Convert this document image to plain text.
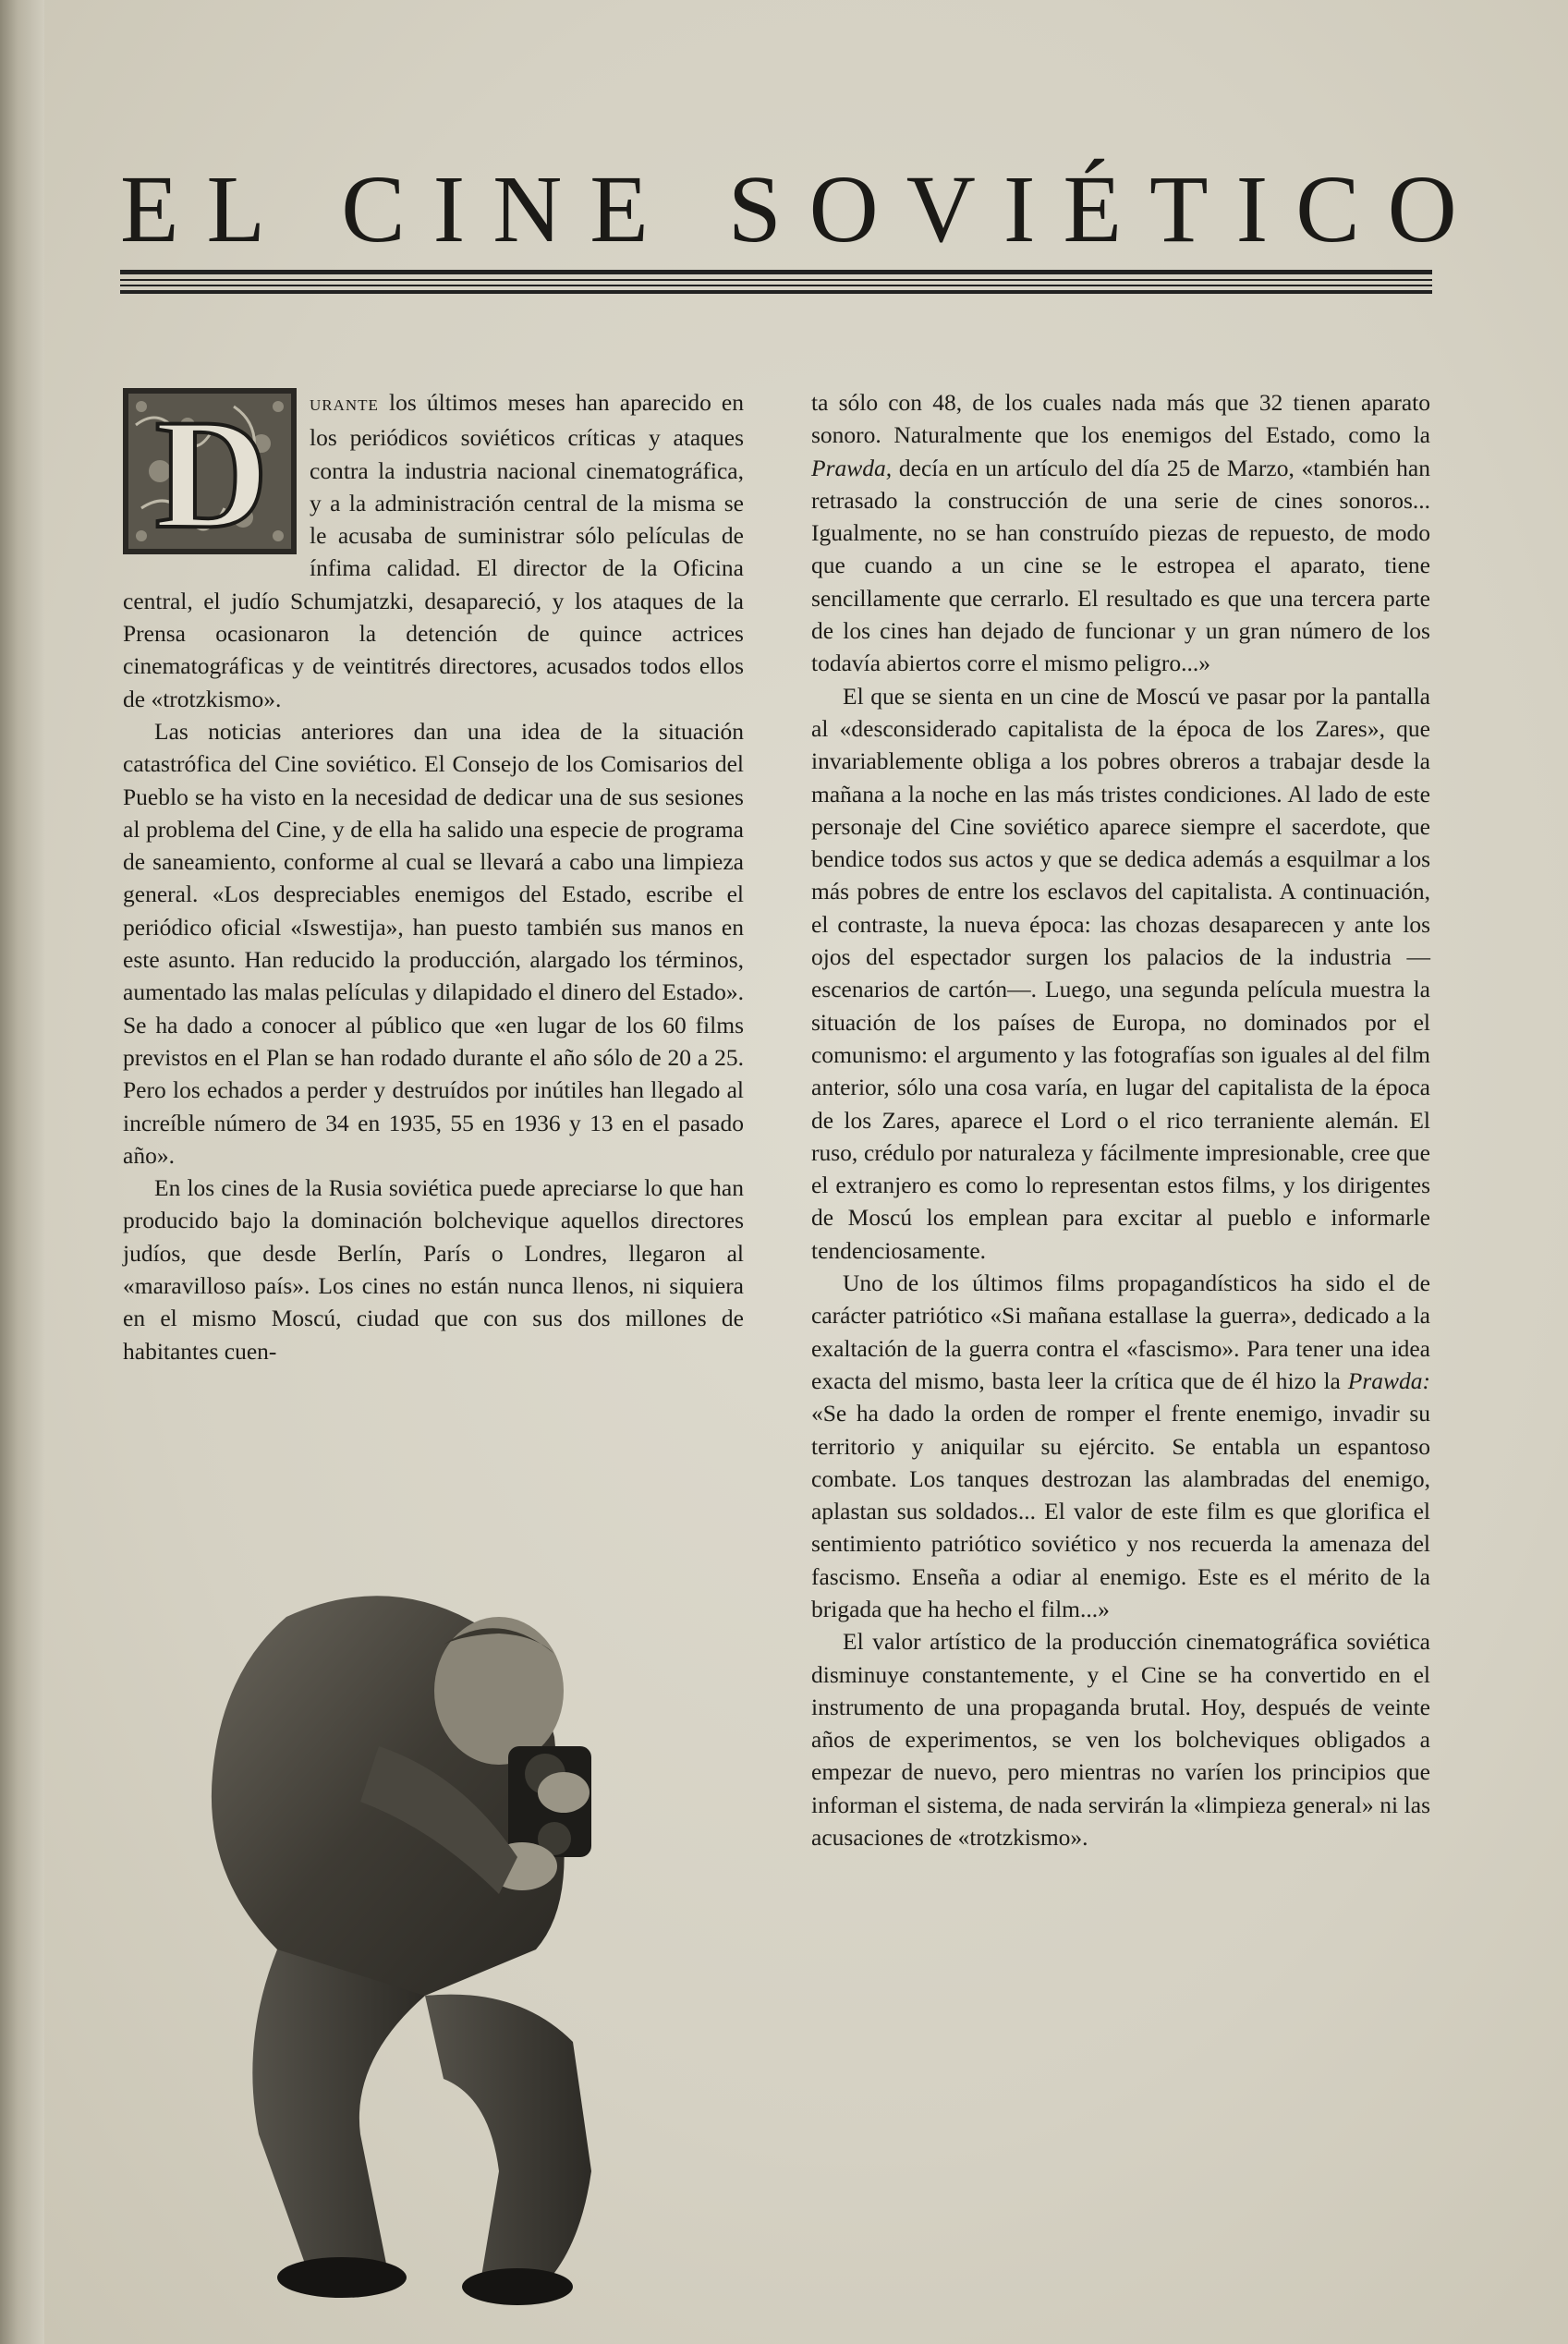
EL CINE SOVIÉTICO

D	URANTE los últimos meses han aparecido en los periódicos soviéticos críticas y ataques contra la industria nacional cinematográfica, y a la administración central de la misma se le acusaba de suministrar sólo películas de ínfima calidad. El director de la Oficina central, el judío Schumjatzki, desapareció, y los ataques de la Prensa ocasionaron la detención de quince actrices cinematográficas y de veintitrés directores, acusados todos ellos de «trotzkismo».

Las noticias anteriores dan una idea de la situación catastrófica del Cine soviético. El Consejo de los Comisarios del Pueblo se ha visto en la necesidad de dedicar una de sus sesiones al problema del Cine, y de ella ha salido una especie de programa de saneamiento, conforme al cual se llevará a cabo una limpieza general. «Los despreciables enemigos del Estado, escribe el periódico oficial «Iswestija», han puesto también sus manos en este asunto. Han reducido la producción, alargado los términos, aumentado las malas películas y dilapidado el dinero del Estado». Se ha dado a conocer al público que «en lugar de los 60 films previstos en el Plan se han rodado durante el año sólo de 20 a 25. Pero los echados a perder y destruídos por inútiles han llegado al increíble número de 34 en 1935, 55 en 1936 y 13 en el pasado año».

En los cines de la Rusia soviética puede apreciarse lo que han producido bajo la dominación bolchevique aquellos directores judíos, que desde Berlín, París o Londres, llegaron al «maravilloso país». Los cines no están nunca llenos, ni siquiera en el mismo Moscú, ciudad que con sus dos millones de habitantes cuen-

ta sólo con 48, de los cuales nada más que 32 tienen aparato sonoro. Naturalmente que los enemigos del Estado, como la Prawda, decía en un artículo del día 25 de Marzo, «también han retrasado la construcción de una serie de cines sonoros... Igualmente, no se han construído piezas de repuesto, de modo que cuando a un cine se le estropea el aparato, tiene sencillamente que cerrarlo. El resultado es que una tercera parte de los cines han dejado de funcionar y un gran número de los todavía abiertos corre el mismo peligro...»

El que se sienta en un cine de Moscú ve pasar por la pantalla al «desconsiderado capitalista de la época de los Zares», que invariablemente obliga a los pobres obreros a trabajar desde la mañana a la noche en las más tristes condiciones. Al lado de este personaje del Cine soviético aparece siempre el sacerdote, que bendice todos sus actos y que se dedica además a esquilmar a los más pobres de entre los esclavos del capitalista. A continuación, el contraste, la nueva época: las chozas desaparecen y ante los ojos del espectador surgen los palacios de la industria —escenarios de cartón—. Luego, una segunda película muestra la situación de los países de Europa, no dominados por el comunismo: el argumento y las fotografías son iguales al del film anterior, sólo una cosa varía, en lugar del capitalista de la época de los Zares, aparece el Lord o el rico terraniente alemán. El ruso, crédulo por naturaleza y fácilmente impresionable, cree que el extranjero es como lo representan estos films, y los dirigentes de Moscú los emplean para excitar al pueblo e informarle tendenciosamente.

Uno de los últimos films propagandísticos ha sido el de carácter patriótico «Si mañana estallase la guerra», dedicado a la exaltación de la guerra contra el «fascismo». Para tener una idea exacta del mismo, basta leer la crítica que de él hizo la Prawda: «Se ha dado la orden de romper el frente enemigo, invadir su territorio y aniquilar su ejército. Se entabla un espantoso combate. Los tanques destrozan las alambradas del enemigo, aplastan sus soldados... El valor de este film es que glorifica el sentimiento patriótico soviético y nos recuerda la amenaza del fascismo. Enseña a odiar al enemigo. Este es el mérito de la brigada que ha hecho el film...»

El valor artístico de la producción cinematográfica soviética disminuye constantemente, y el Cine se ha convertido en el instrumento de una propaganda brutal. Hoy, después de veinte años de experimentos, se ven los bolcheviques obligados a empezar de nuevo, pero mientras no varíen los principios que informan el sistema, de nada servirán la «limpieza general» ni las acusaciones de «trotzkismo».
